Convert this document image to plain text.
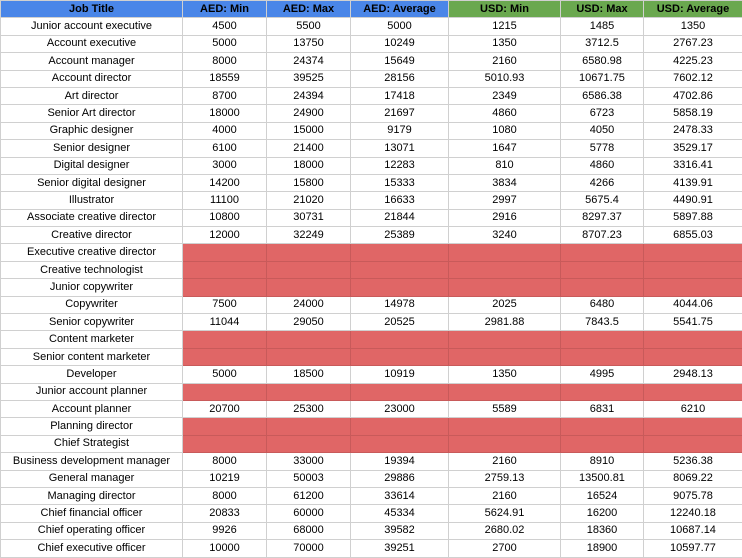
Job Title	AED: Min	AED: Max	AED: Average	USD: Min	USD: Max	USD: Average
Junior account executive	4500	5500	5000	1215	1485	1350
Account executive	5000	13750	10249	1350	3712.5	2767.23
Account manager	8000	24374	15649	2160	6580.98	4225.23
Account director	18559	39525	28156	5010.93	10671.75	7602.12
Art director	8700	24394	17418	2349	6586.38	4702.86
Senior Art director	18000	24900	21697	4860	6723	5858.19
Graphic designer	4000	15000	9179	1080	4050	2478.33
Senior designer	6100	21400	13071	1647	5778	3529.17
Digital designer	3000	18000	12283	810	4860	3316.41
Senior digital designer	14200	15800	15333	3834	4266	4139.91
Illustrator	11100	21020	16633	2997	5675.4	4490.91
Associate creative director	10800	30731	21844	2916	8297.37	5897.88
Creative director	12000	32249	25389	3240	8707.23	6855.03
Executive creative director						
Creative technologist						
Junior copywriter						
Copywriter	7500	24000	14978	2025	6480	4044.06
Senior copywriter	11044	29050	20525	2981.88	7843.5	5541.75
Content marketer						
Senior content marketer						
Developer	5000	18500	10919	1350	4995	2948.13
Junior account planner						
Account planner	20700	25300	23000	5589	6831	6210
Planning director						
Chief Strategist						
Business development manager	8000	33000	19394	2160	8910	5236.38
General manager	10219	50003	29886	2759.13	13500.81	8069.22
Managing director	8000	61200	33614	2160	16524	9075.78
Chief financial officer	20833	60000	45334	5624.91	16200	12240.18
Chief operating officer	9926	68000	39582	2680.02	18360	10687.14
Chief executive officer	10000	70000	39251	2700	18900	10597.77
